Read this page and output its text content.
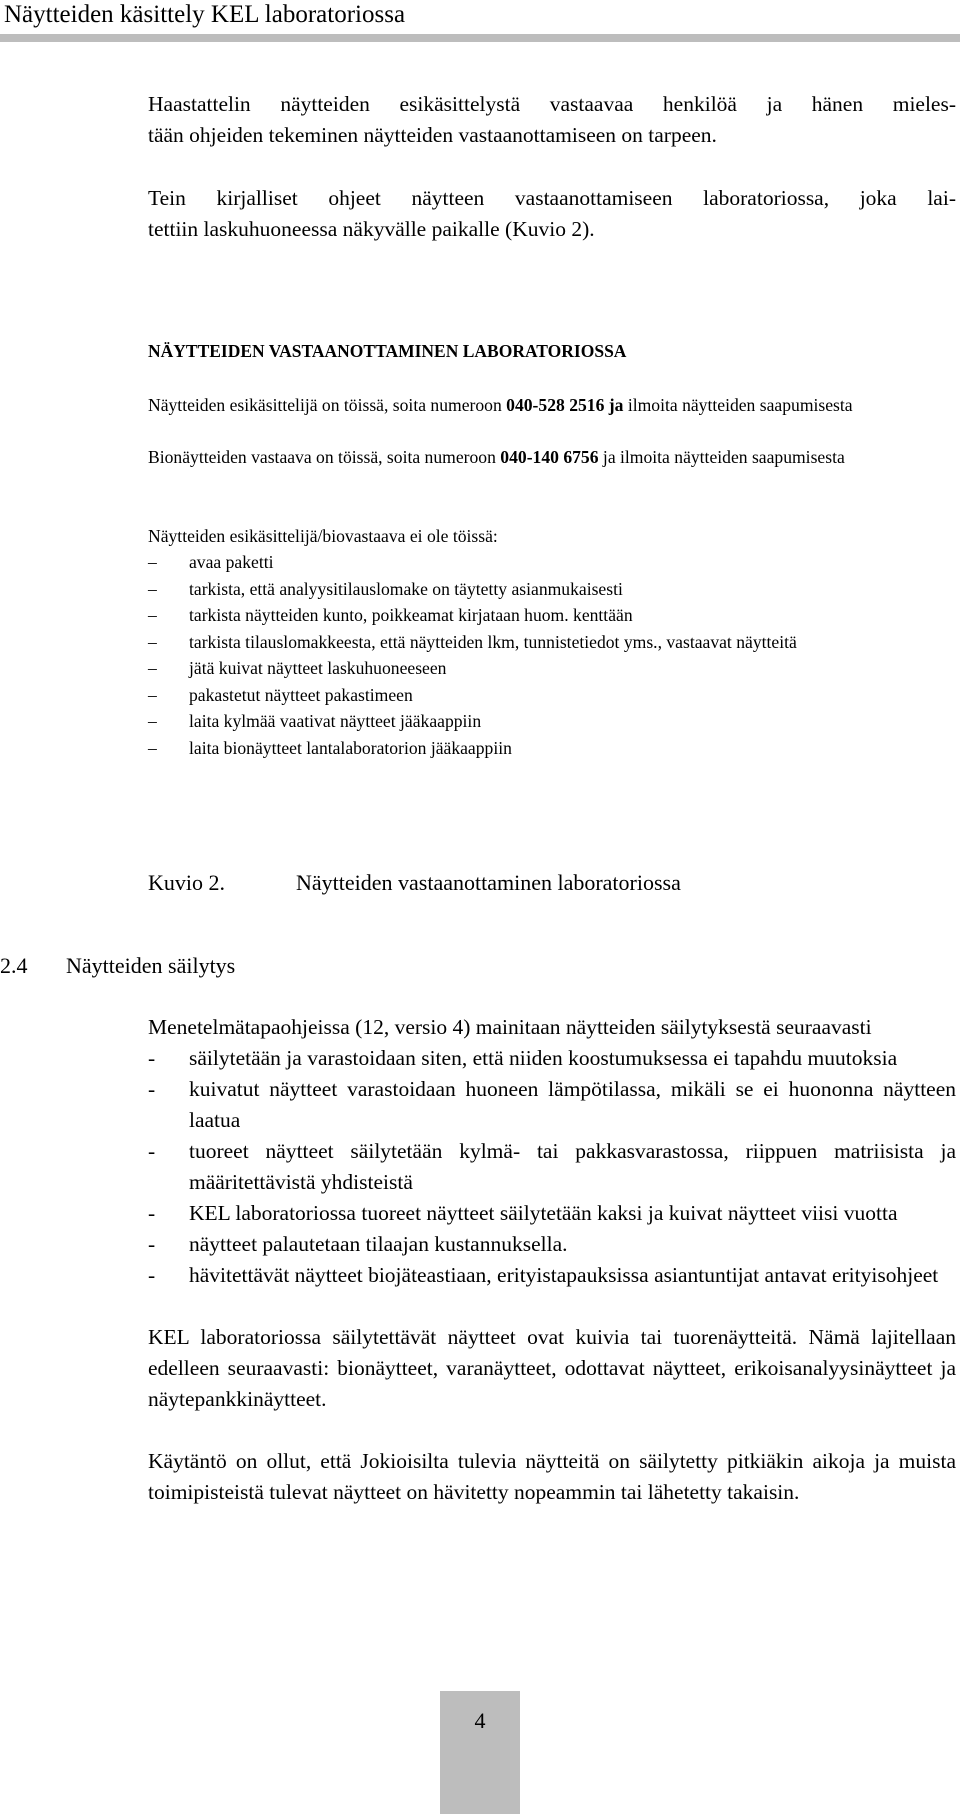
Näytteiden käsittely KEL laboratoriossa
Haastattelin näytteiden esikäsittelystä vastaavaa henkilöä ja hänen mieles-
tään ohjeiden tekeminen näytteiden vastaanottamiseen on tarpeen.
Tein kirjalliset ohjeet näytteen vastaanottamiseen laboratoriossa, joka lai-
tettiin laskuhuoneessa näkyvälle paikalle (Kuvio 2).
NÄYTTEIDEN VASTAANOTTAMINEN LABORATORIOSSA
Näytteiden esikäsittelijä on töissä, soita numeroon 040-528 2516 ja ilmoita näytteiden saapumisesta
Bionäytteiden vastaava on töissä, soita numeroon 040-140 6756 ja ilmoita näytteiden saapumisesta
Näytteiden esikäsittelijä/biovastaava ei ole töissä:
– avaa paketti
– tarkista, että analyysitilauslomake on täytetty asianmukaisesti
– tarkista näytteiden kunto, poikkeamat kirjataan huom. kenttään
– tarkista tilauslomakkeesta, että näytteiden lkm, tunnistetiedot yms., vastaavat näytteitä
– jätä kuivat näytteet laskuhuoneeseen
– pakastetut näytteet pakastimeen
– laita kylmää vaativat näytteet jääkaappiin
– laita bionäytteet lantalaboratorion jääkaappiin
Kuvio 2.	Näytteiden vastaanottaminen laboratoriossa
2.4 Näytteiden säilytys
Menetelmätapaohjeissa (12, versio 4) mainitaan näytteiden säilytyksestä seuraavasti
- säilytetään ja varastoidaan siten, että niiden koostumuksessa ei tapahdu muutoksia
- kuivatut näytteet varastoidaan huoneen lämpötilassa, mikäli se ei huononna näytteen laatua
- tuoreet näytteet säilytetään kylmä- tai pakkasvarastossa, riippuen matriisista ja määritettävistä yhdisteistä
- KEL laboratoriossa tuoreet näytteet säilytetään kaksi ja kuivat näytteet viisi vuotta
- näytteet palautetaan tilaajan kustannuksella.
- hävitettävät näytteet biojäteastiaan, erityistapauksissa asiantuntijat antavat erityisohjeet
KEL laboratoriossa säilytettävät näytteet ovat kuivia tai tuorenäytteitä. Nämä lajitellaan edelleen seuraavasti: bionäytteet, varanäytteet, odottavat näytteet, erikoisanalyysinäytteet ja näytepankkinäytteet.
Käytäntö on ollut, että Jokioisilta tulevia näytteitä on säilytetty pitkiäkin aikoja ja muista toimipisteistä tulevat näytteet on hävitetty nopeammin tai lähetetty takaisin.
4
